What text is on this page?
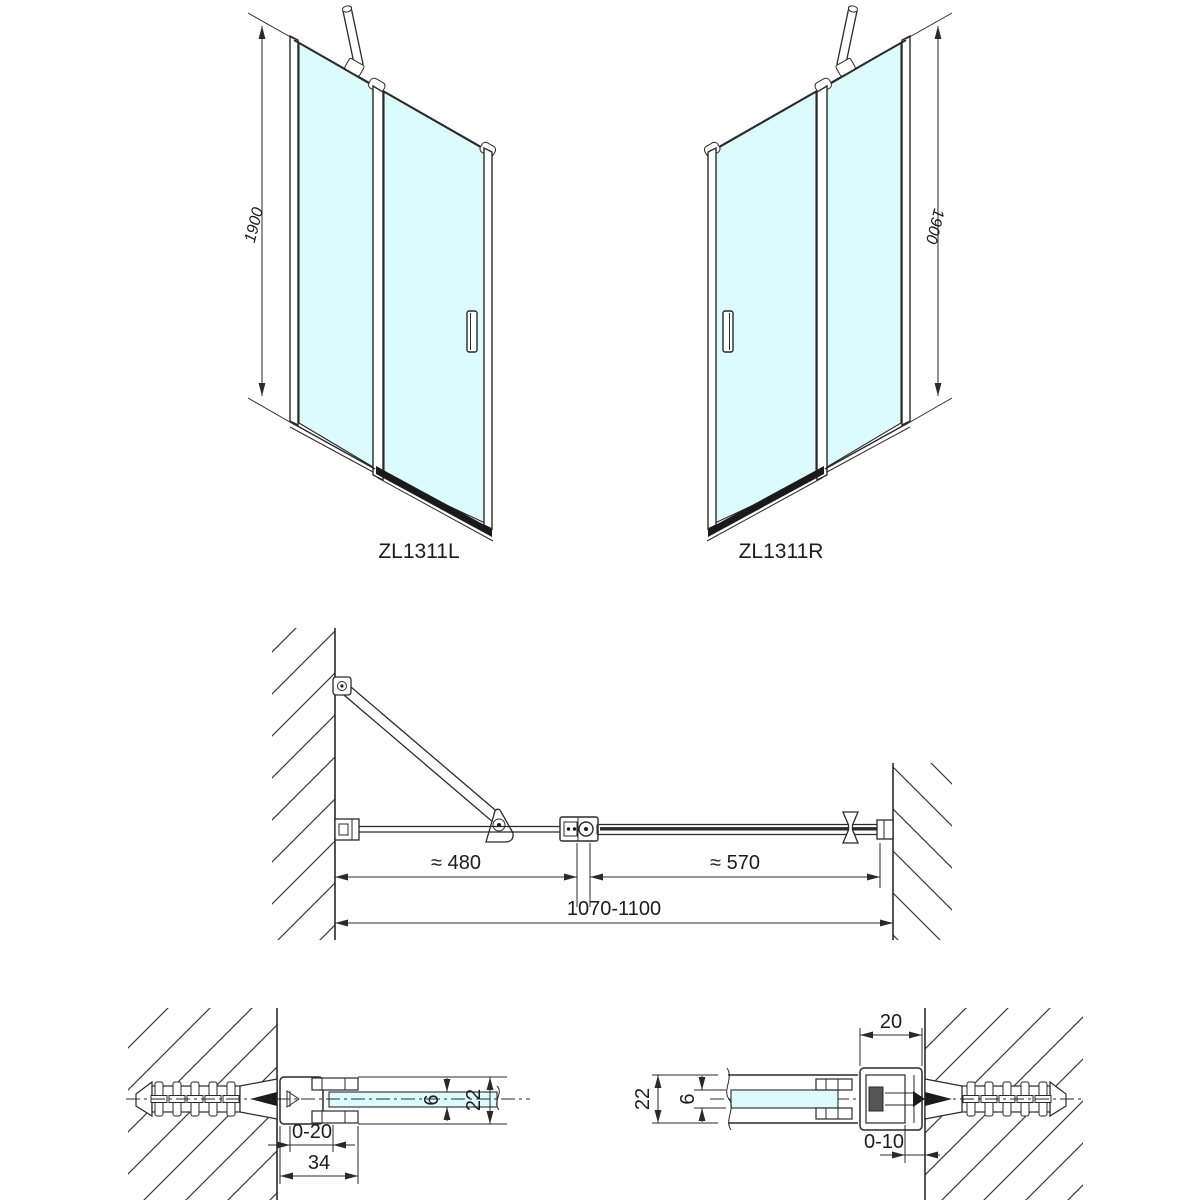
ZL1311L	ZL1311R
1900	1900
≈ 480	≈ 570
1070-1100
22
6
0-20
34
20
22 6
0-10
